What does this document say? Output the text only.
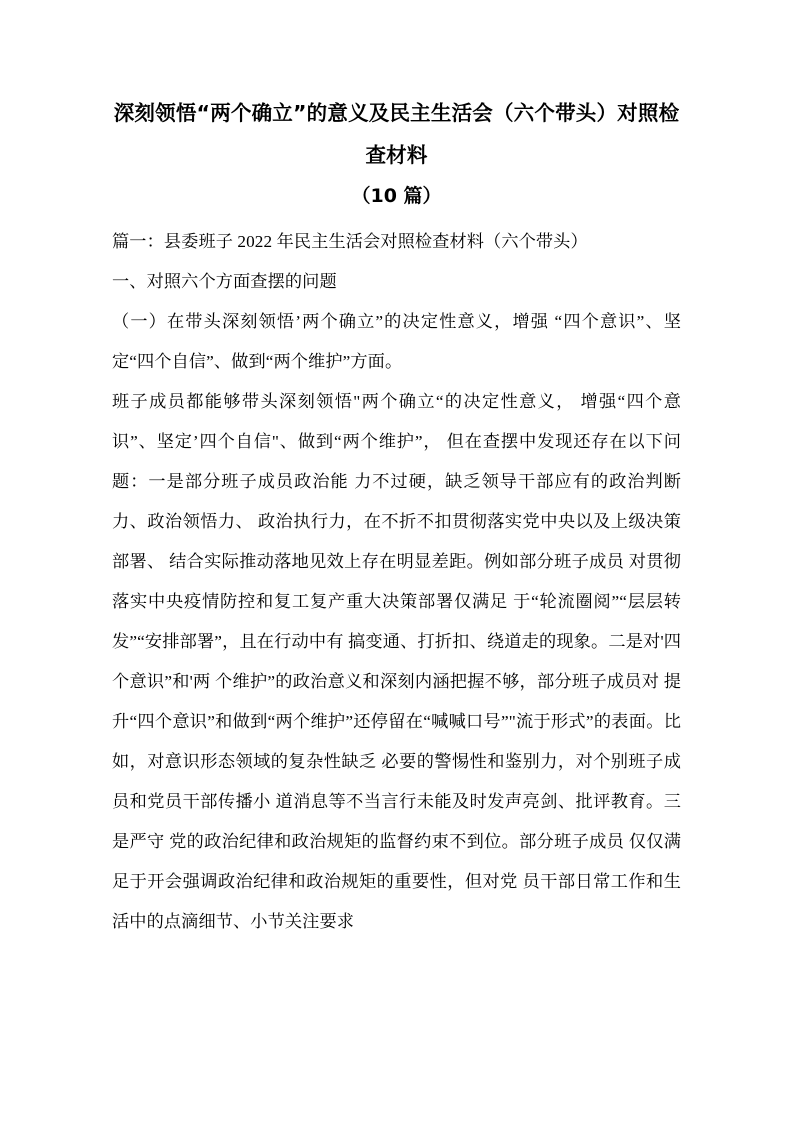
深刻领悟“两个确立”的意义及民主生活会（六个带头）对照检查材料
（10 篇）

篇一：县委班子 2022 年民主生活会对照检查材料（六个带头）

一、对照六个方面查摆的问题

（一）在带头深刻领悟’两个确立”的决定性意义，增强 “四个意识”、坚定“四个自信”、做到“两个维护”方面。

班子成员都能够带头深刻领悟"两个确立“的决定性意义， 增强“四个意识”、坚定’四个自信"、做到“两个维护”， 但在查摆中发现还存在以下问题：一是部分班子成员政治能 力不过硬，缺乏领导干部应有的政治判断力、政治领悟力、 政治执行力，在不折不扣贯彻落实党中央以及上级决策部署、 结合实际推动落地见效上存在明显差距。例如部分班子成员 对贯彻落实中央疫情防控和复工复产重大决策部署仅满足 于“轮流圈阅”“层层转发”“安排部署”，且在行动中有 搞变通、打折扣、绕道走的现象。二是对'四个意识”和'两 个维护”的政治意义和深刻内涵把握不够，部分班子成员对 提升“四个意识”和做到“两个维护”还停留在“喊喊口号”"流于形式”的表面。比如，对意识形态领域的复杂性缺乏 必要的警惕性和鉴别力，对个别班子成员和党员干部传播小 道消息等不当言行未能及时发声亮剑、批评教育。三是严守 党的政治纪律和政治规矩的监督约束不到位。部分班子成员 仅仅满足于开会强调政治纪律和政治规矩的重要性，但对党 员干部日常工作和生活中的点滴细节、小节关注要求
